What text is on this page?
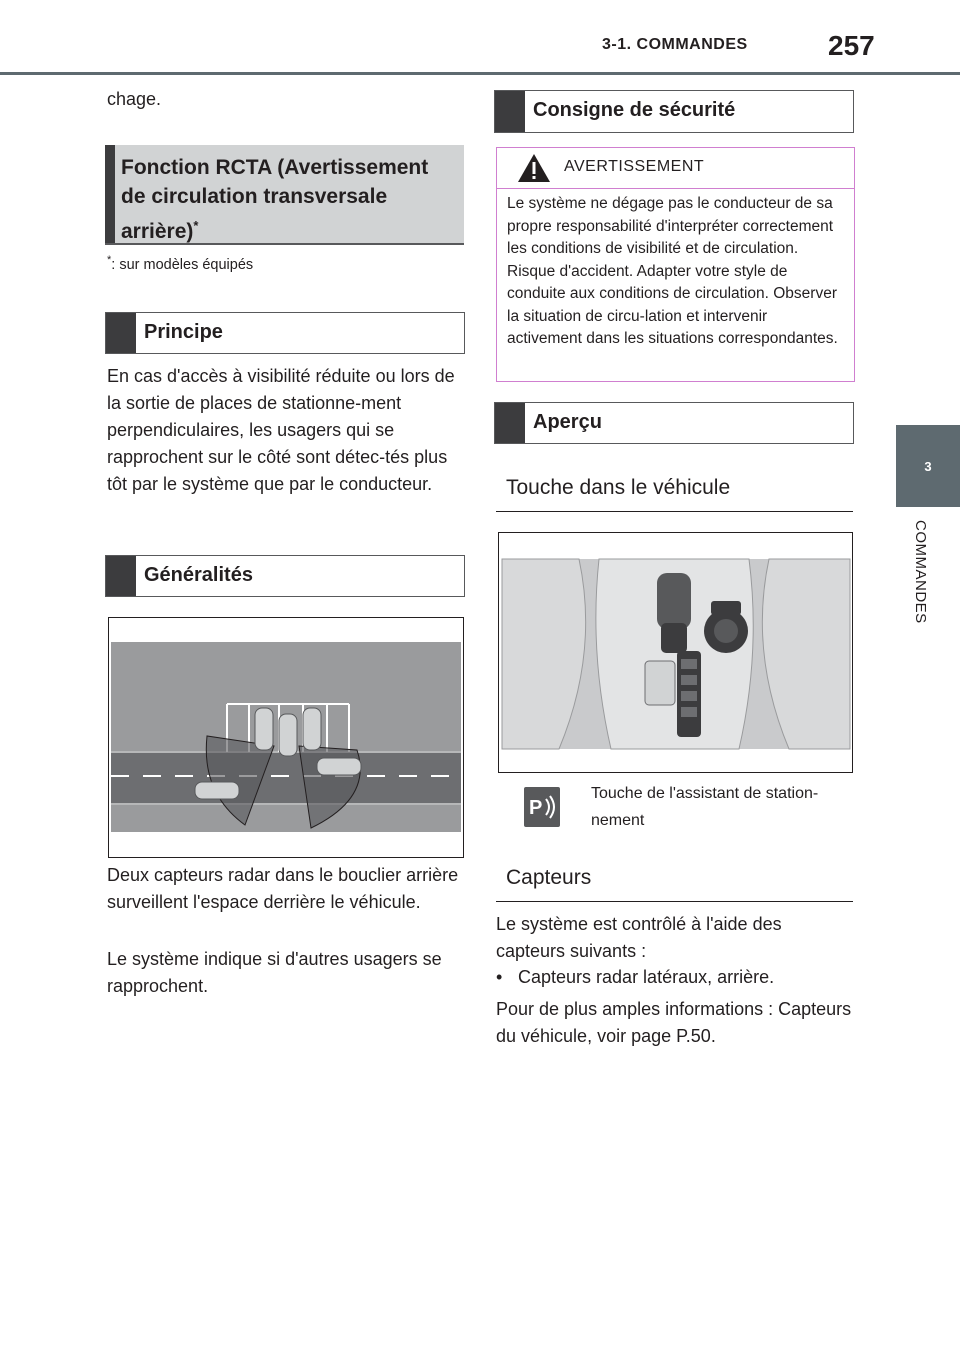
3-1. COMMANDES	257
3
COMMANDES
chage.
Fonction RCTA (Avertissement de circulation transversale arrière)*
*: sur modèles équipés
Principe
En cas d'accès à visibilité réduite ou lors de la sortie de places de stationne-ment perpendiculaires, les usagers qui se rapprochent sur le côté sont détec-tés plus tôt par le système que par le conducteur.
Généralités
Deux capteurs radar dans le bouclier arrière surveillent l'espace derrière le véhicule.
Le système indique si d'autres usagers se rapprochent.
Consigne de sécurité
AVERTISSEMENT
Le système ne dégage pas le conducteur de sa propre responsabilité d'interpréter correctement les conditions de visibilité et de circulation. Risque d'accident. Adapter votre style de conduite aux conditions de circulation. Observer la situation de circu-lation et intervenir activement dans les situations correspondantes.
Aperçu
Touche dans le véhicule
P
Touche de l'assistant de station-nement
Capteurs
Le système est contrôlé à l'aide des capteurs suivants :
• Capteurs radar latéraux, arrière.
Pour de plus amples informations : Capteurs du véhicule, voir page P.50.
